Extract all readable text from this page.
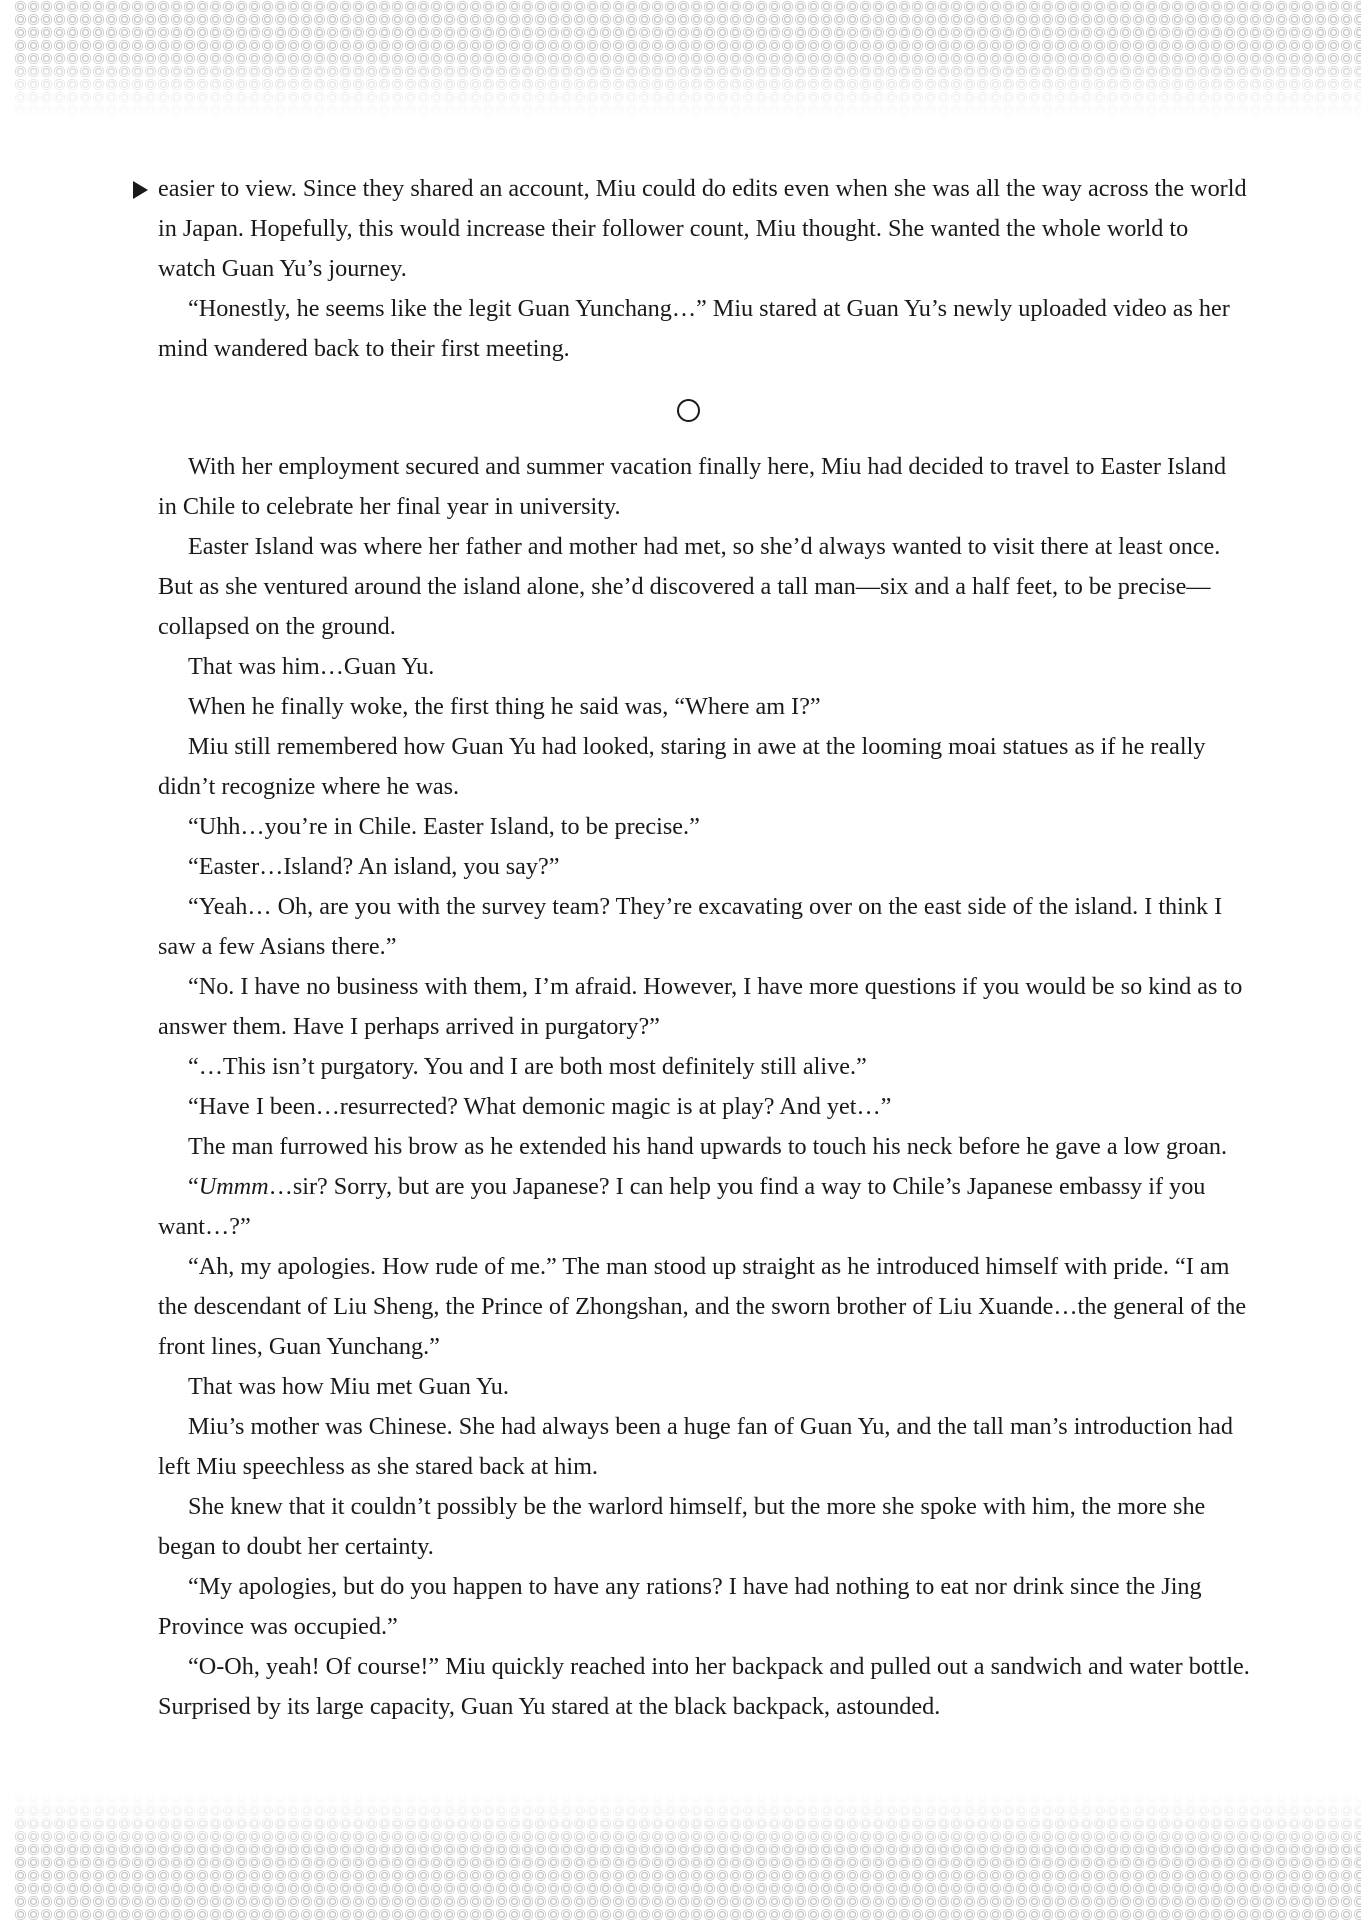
easier to view. Since they shared an account, Miu could do edits even when she was all the way across the world in Japan. Hopefully, this would increase their follower count, Miu thought. She wanted the whole world to watch Guan Yu’s journey.

“Honestly, he seems like the legit Guan Yunchang…” Miu stared at Guan Yu’s newly uploaded video as her mind wandered back to their first meeting.

With her employment secured and summer vacation finally here, Miu had decided to travel to Easter Island in Chile to celebrate her final year in university.

Easter Island was where her father and mother had met, so she’d always wanted to visit there at least once. But as she ventured around the island alone, she’d discovered a tall man—six and a half feet, to be precise—collapsed on the ground.

That was him…Guan Yu.

When he finally woke, the first thing he said was, “Where am I?”

Miu still remembered how Guan Yu had looked, staring in awe at the looming moai statues as if he really didn’t recognize where he was.

“Uhh…you’re in Chile. Easter Island, to be precise.”

“Easter…Island? An island, you say?”

“Yeah… Oh, are you with the survey team? They’re excavating over on the east side of the island. I think I saw a few Asians there.”

“No. I have no business with them, I’m afraid. However, I have more questions if you would be so kind as to answer them. Have I perhaps arrived in purgatory?”

“…This isn’t purgatory. You and I are both most definitely still alive.”

“Have I been…resurrected? What demonic magic is at play? And yet…”

The man furrowed his brow as he extended his hand upwards to touch his neck before he gave a low groan.

“Ummm…sir? Sorry, but are you Japanese? I can help you find a way to Chile’s Japanese embassy if you want…?”

“Ah, my apologies. How rude of me.” The man stood up straight as he introduced himself with pride. “I am the descendant of Liu Sheng, the Prince of Zhongshan, and the sworn brother of Liu Xuande…the general of the front lines, Guan Yunchang.”

That was how Miu met Guan Yu.

Miu’s mother was Chinese. She had always been a huge fan of Guan Yu, and the tall man’s introduction had left Miu speechless as she stared back at him.

She knew that it couldn’t possibly be the warlord himself, but the more she spoke with him, the more she began to doubt her certainty.

“My apologies, but do you happen to have any rations? I have had nothing to eat nor drink since the Jing Province was occupied.”

“O-Oh, yeah! Of course!” Miu quickly reached into her backpack and pulled out a sandwich and water bottle. Surprised by its large capacity, Guan Yu stared at the black backpack, astounded.
